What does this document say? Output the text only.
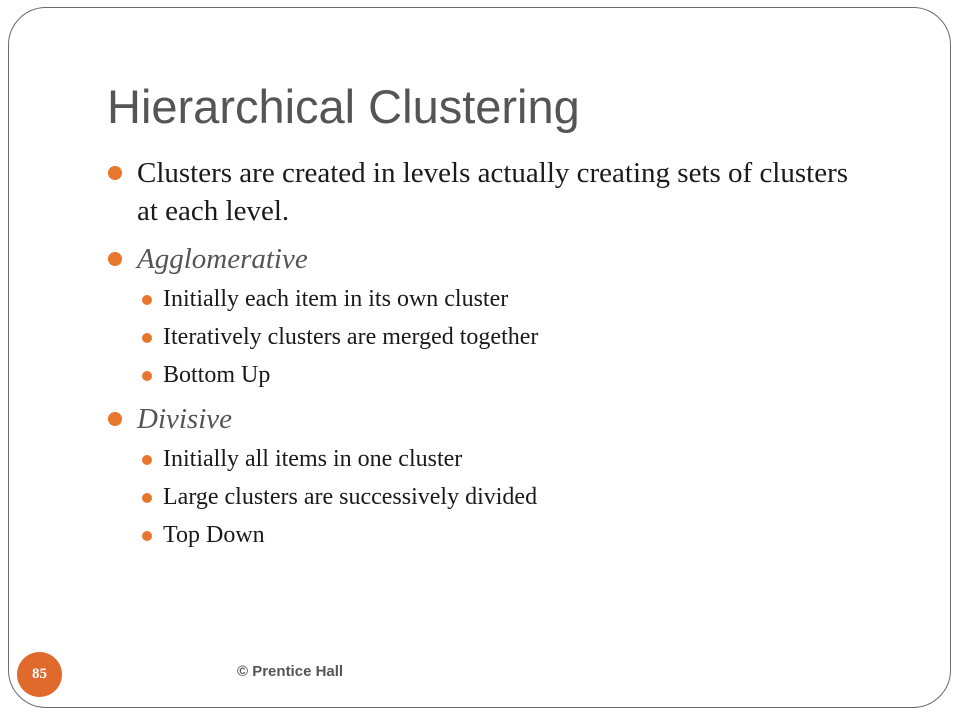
Hierarchical Clustering
Clusters are created in levels actually creating sets of clusters at each level.
Agglomerative
Initially each item in its own cluster
Iteratively clusters are merged together
Bottom Up
Divisive
Initially all items in one cluster
Large clusters are successively divided
Top Down
85	© Prentice Hall
